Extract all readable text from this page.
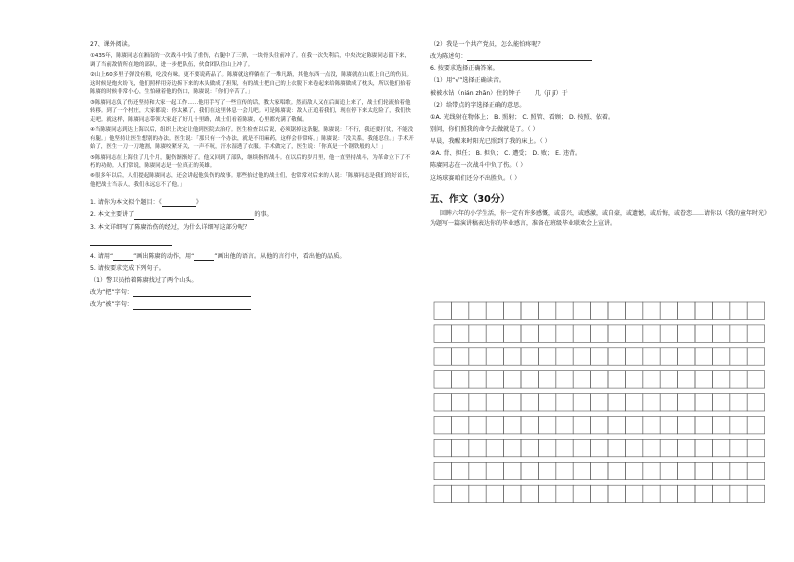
27、课外阅读。

①435年，陈赓同志在湘南的一次战斗中负了重伤，右腿中了三弹，一块骨头往前冲了。在我一次失利后，中央决定陈赓同志留下来，调了当前敌情所在地的部队，进一步把队伍，伙食团队往山上冲了。

②山上60多里子弹没有粮，吃没有味。更不要说药品了。陈赓就这样躺在了一堆凡路，其他东西一点没，陈赓就在山底上自己的伤员。这时候是炮火纷飞，他们照样用旁边拆下来的木头做成了担架，有的战士把自己的上衣脱下来卷起来给陈赓做成了枕头，所以他们抬着陈赓的时候非常小心，生怕碰着他的伤口，陈赓说：「你们辛苦了。」

③陈赓同志负了伤还坚持和大家一起工作……他用手写了一些宣传的话，教大家唱歌。然而敌人又在后面追上来了，战士们轮流抬着他转移。到了一个村庄，大家都说：你太累了，我们在这里休息一会儿吧。可是陈赓说：敌人正追着我们，现在停下来太危险了，我们快走吧。就这样，陈赓同志带领大家赶了好几十里路，战士们看着陈赓，心里都充满了敬佩。

④当陈赓同志到达上海以后，组织上决定让他到医院去治疗。医生检查以后说，必须锯掉这条腿，陈赓说：「不行，我还要打仗，不能没有腿。」他坚持让医生想别的办法。医生说：「那只有一个办法，就是不用麻药，这样会非常疼。」陈赓说：「没关系，我能忍住。」手术开始了，医生一刀一刀地割，陈赓咬紧牙关，一声不吭，汗水湿透了衣服。手术做完了，医生说：「你真是一个钢铁般的人！」

⑤陈赓同志在上海住了几个月，腿伤渐渐好了。他又回到了部队，继续指挥战斗。在以后的岁月里，他一直坚持战斗，为革命立下了不朽的功勋。人们常说，陈赓同志是一位真正的英雄。

⑥很多年以后，人们提起陈赓同志，还会讲起他负伤的故事。那些抬过他的战士们，也常常对后来的人说：「陈赓同志是我们的好首长，他把战士当亲人，我们永远忘不了他。」

1. 请你为本文拟个题目：《	》

2. 本文主要讲了	的事。

3. 本文详细写了陈赓治伤的经过，为什么详细写这部分呢？

4. 请用“	”画出陈赓的动作，用“	”画出他的语言。从他的言行中，看出他的品质。

5. 请按要求完成下列句子。

（1）警卫员抬着陈赓找过了两个山头。

改为“把”字句：

改为“被”字句：

（2）我是一个共产党员，怎么能怕疼呢？

改为陈述句：

6. 按要求选择正确答案。

（1）用“√”选择正确读音。

被被水钻（nián zhān）住的钟子 几（jī jǐ）于

（2）给带点的字选择正确的意思。

①A. 光线射在物体上； B. 照射； C. 照管、看顾； D. 按照、依着。

别问，你们照我的命令去做就是了。（ ）

早晨，我醒来时阳光已照到了我的床上。（ ）

②A. 背、担任； B. 担负； C. 遭受； D. 败； E. 违背。

陈赓同志在一次战斗中负了伤。（ ）

这场球赛咱们还分不出胜负。（ ）

五、作文（30分）

回眸六年的小学生活，你一定有许多感慨，或喜兴，或感激，或自豪，或遗憾，或后悔，或眷恋……请你以《我的童年时光》为题写一篇演讲稿表达你的毕业感言，准备在班级毕业联欢会上宣讲。
